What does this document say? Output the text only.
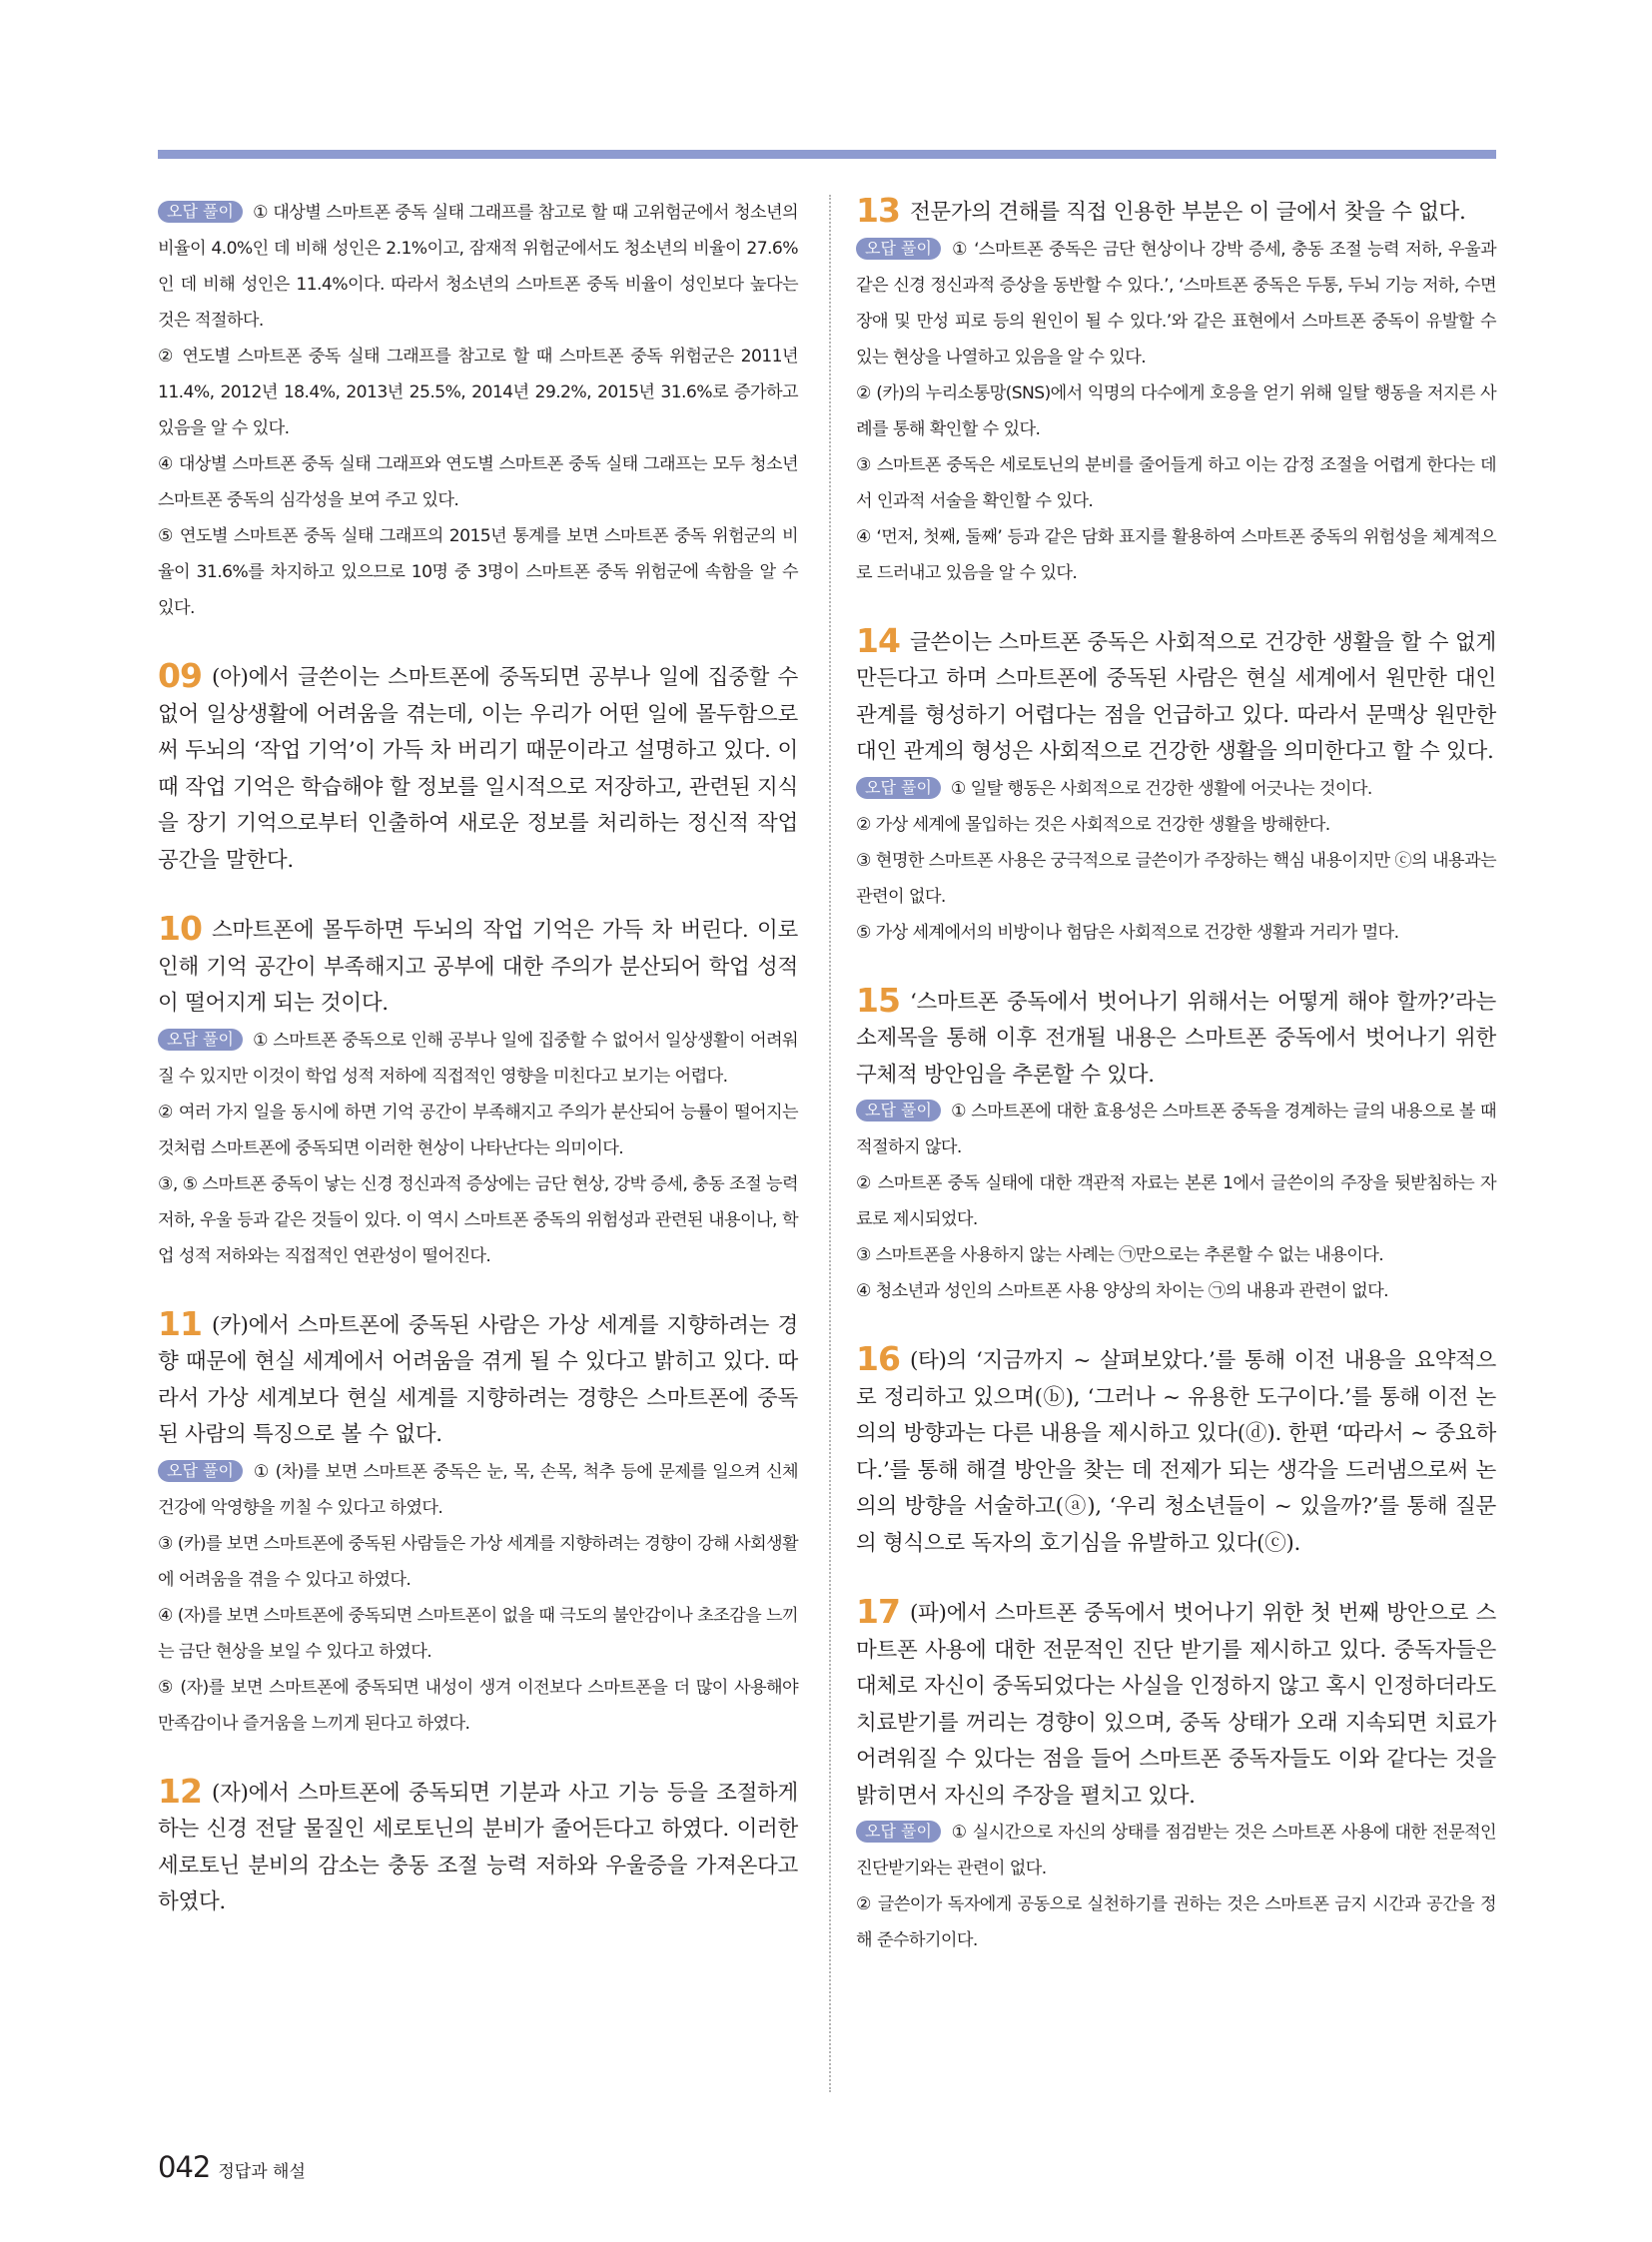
오답 풀이 ① 대상별 스마트폰 중독 실태 그래프를 참고로 할 때 고위험군에서 청소년의 비율이 4.0%인 데 비해 성인은 2.1%이고, 잠재적 위험군에서도 청소년의 비율이 27.6%인 데 비해 성인은 11.4%이다. 따라서 청소년의 스마트폰 중독 비율이 성인보다 높다는 것은 적절하다.

② 연도별 스마트폰 중독 실태 그래프를 참고로 할 때 스마트폰 중독 위험군은 2011년 11.4%, 2012년 18.4%, 2013년 25.5%, 2014년 29.2%, 2015년 31.6%로 증가하고 있음을 알 수 있다.

④ 대상별 스마트폰 중독 실태 그래프와 연도별 스마트폰 중독 실태 그래프는 모두 청소년 스마트폰 중독의 심각성을 보여 주고 있다.

⑤ 연도별 스마트폰 중독 실태 그래프의 2015년 통계를 보면 스마트폰 중독 위험군의 비율이 31.6%를 차지하고 있으므로 10명 중 3명이 스마트폰 중독 위험군에 속함을 알 수 있다.

09 (아)에서 글쓴이는 스마트폰에 중독되면 공부나 일에 집중할 수 없어 일상생활에 어려움을 겪는데, 이는 우리가 어떤 일에 몰두함으로써 두뇌의 ‘작업 기억’이 가득 차 버리기 때문이라고 설명하고 있다. 이때 작업 기억은 학습해야 할 정보를 일시적으로 저장하고, 관련된 지식을 장기 기억으로부터 인출하여 새로운 정보를 처리하는 정신적 작업 공간을 말한다.

10 스마트폰에 몰두하면 두뇌의 작업 기억은 가득 차 버린다. 이로 인해 기억 공간이 부족해지고 공부에 대한 주의가 분산되어 학업 성적이 떨어지게 되는 것이다.

오답 풀이 ① 스마트폰 중독으로 인해 공부나 일에 집중할 수 없어서 일상생활이 어려워질 수 있지만 이것이 학업 성적 저하에 직접적인 영향을 미친다고 보기는 어렵다.

② 여러 가지 일을 동시에 하면 기억 공간이 부족해지고 주의가 분산되어 능률이 떨어지는 것처럼 스마트폰에 중독되면 이러한 현상이 나타난다는 의미이다.

③, ⑤ 스마트폰 중독이 낳는 신경 정신과적 증상에는 금단 현상, 강박 증세, 충동 조절 능력 저하, 우울 등과 같은 것들이 있다. 이 역시 스마트폰 중독의 위험성과 관련된 내용이나, 학업 성적 저하와는 직접적인 연관성이 떨어진다.

11 (카)에서 스마트폰에 중독된 사람은 가상 세계를 지향하려는 경향 때문에 현실 세계에서 어려움을 겪게 될 수 있다고 밝히고 있다. 따라서 가상 세계보다 현실 세계를 지향하려는 경향은 스마트폰에 중독된 사람의 특징으로 볼 수 없다.

오답 풀이 ① (차)를 보면 스마트폰 중독은 눈, 목, 손목, 척추 등에 문제를 일으켜 신체 건강에 악영향을 끼칠 수 있다고 하였다.

③ (카)를 보면 스마트폰에 중독된 사람들은 가상 세계를 지향하려는 경향이 강해 사회생활에 어려움을 겪을 수 있다고 하였다.

④ (자)를 보면 스마트폰에 중독되면 스마트폰이 없을 때 극도의 불안감이나 초조감을 느끼는 금단 현상을 보일 수 있다고 하였다.

⑤ (자)를 보면 스마트폰에 중독되면 내성이 생겨 이전보다 스마트폰을 더 많이 사용해야 만족감이나 즐거움을 느끼게 된다고 하였다.

12 (자)에서 스마트폰에 중독되면 기분과 사고 기능 등을 조절하게 하는 신경 전달 물질인 세로토닌의 분비가 줄어든다고 하였다. 이러한 세로토닌 분비의 감소는 충동 조절 능력 저하와 우울증을 가져온다고 하였다.

13 전문가의 견해를 직접 인용한 부분은 이 글에서 찾을 수 없다.

오답 풀이 ① ‘스마트폰 중독은 금단 현상이나 강박 증세, 충동 조절 능력 저하, 우울과 같은 신경 정신과적 증상을 동반할 수 있다.’, ‘스마트폰 중독은 두통, 두뇌 기능 저하, 수면 장애 및 만성 피로 등의 원인이 될 수 있다.’와 같은 표현에서 스마트폰 중독이 유발할 수 있는 현상을 나열하고 있음을 알 수 있다.

② (카)의 누리소통망(SNS)에서 익명의 다수에게 호응을 얻기 위해 일탈 행동을 저지른 사례를 통해 확인할 수 있다.

③ 스마트폰 중독은 세로토닌의 분비를 줄어들게 하고 이는 감정 조절을 어렵게 한다는 데서 인과적 서술을 확인할 수 있다.

④ ‘먼저, 첫째, 둘째’ 등과 같은 담화 표지를 활용하여 스마트폰 중독의 위험성을 체계적으로 드러내고 있음을 알 수 있다.

14 글쓴이는 스마트폰 중독은 사회적으로 건강한 생활을 할 수 없게 만든다고 하며 스마트폰에 중독된 사람은 현실 세계에서 원만한 대인 관계를 형성하기 어렵다는 점을 언급하고 있다. 따라서 문맥상 원만한 대인 관계의 형성은 사회적으로 건강한 생활을 의미한다고 할 수 있다.

오답 풀이 ① 일탈 행동은 사회적으로 건강한 생활에 어긋나는 것이다.

② 가상 세계에 몰입하는 것은 사회적으로 건강한 생활을 방해한다.

③ 현명한 스마트폰 사용은 궁극적으로 글쓴이가 주장하는 핵심 내용이지만 ⓒ의 내용과는 관련이 없다.

⑤ 가상 세계에서의 비방이나 험담은 사회적으로 건강한 생활과 거리가 멀다.

15 ‘스마트폰 중독에서 벗어나기 위해서는 어떻게 해야 할까?’라는 소제목을 통해 이후 전개될 내용은 스마트폰 중독에서 벗어나기 위한 구체적 방안임을 추론할 수 있다.

오답 풀이 ① 스마트폰에 대한 효용성은 스마트폰 중독을 경계하는 글의 내용으로 볼 때 적절하지 않다.

② 스마트폰 중독 실태에 대한 객관적 자료는 본론 1에서 글쓴이의 주장을 뒷받침하는 자료로 제시되었다.

③ 스마트폰을 사용하지 않는 사례는 ㉠만으로는 추론할 수 없는 내용이다.

④ 청소년과 성인의 스마트폰 사용 양상의 차이는 ㉠의 내용과 관련이 없다.

16 (타)의 ‘지금까지 ~ 살펴보았다.’를 통해 이전 내용을 요약적으로 정리하고 있으며(ⓑ), ‘그러나 ~ 유용한 도구이다.’를 통해 이전 논의의 방향과는 다른 내용을 제시하고 있다(ⓓ). 한편 ‘따라서 ~ 중요하다.’를 통해 해결 방안을 찾는 데 전제가 되는 생각을 드러냄으로써 논의의 방향을 서술하고(ⓐ), ‘우리 청소년들이 ~ 있을까?’를 통해 질문의 형식으로 독자의 호기심을 유발하고 있다(ⓒ).

17 (파)에서 스마트폰 중독에서 벗어나기 위한 첫 번째 방안으로 스마트폰 사용에 대한 전문적인 진단 받기를 제시하고 있다. 중독자들은 대체로 자신이 중독되었다는 사실을 인정하지 않고 혹시 인정하더라도 치료받기를 꺼리는 경향이 있으며, 중독 상태가 오래 지속되면 치료가 어려워질 수 있다는 점을 들어 스마트폰 중독자들도 이와 같다는 것을 밝히면서 자신의 주장을 펼치고 있다.

오답 풀이 ① 실시간으로 자신의 상태를 점검받는 것은 스마트폰 사용에 대한 전문적인 진단받기와는 관련이 없다.

② 글쓴이가 독자에게 공동으로 실천하기를 권하는 것은 스마트폰 금지 시간과 공간을 정해 준수하기이다.

042 정답과 해설
